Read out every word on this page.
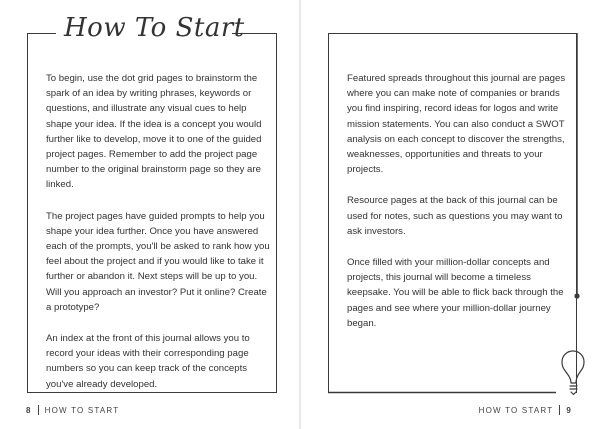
How To Start

To begin, use the dot grid pages to brainstorm the spark of an idea by writing phrases, keywords or questions, and illustrate any visual cues to help shape your idea. If the idea is a concept you would further like to develop, move it to one of the guided project pages. Remember to add the project page number to the original brainstorm page so they are linked.

The project pages have guided prompts to help you shape your idea further. Once you have answered each of the prompts, you'll be asked to rank how you feel about the project and if you would like to take it further or abandon it. Next steps will be up to you. Will you approach an investor? Put it online? Create a prototype?

An index at the front of this journal allows you to record your ideas with their corresponding page numbers so you can keep track of the concepts you've already developed.

Featured spreads throughout this journal are pages where you can make note of companies or brands you find inspiring, record ideas for logos and write mission statements. You can also conduct a SWOT analysis on each concept to discover the strengths, weaknesses, opportunities and threats to your projects.

Resource pages at the back of this journal can be used for notes, such as questions you may want to ask investors.

Once filled with your million-dollar concepts and projects, this journal will become a timeless keepsake. You will be able to flick back through the pages and see where your million-dollar journey began.

8 HOW TO START	HOW TO START 9
